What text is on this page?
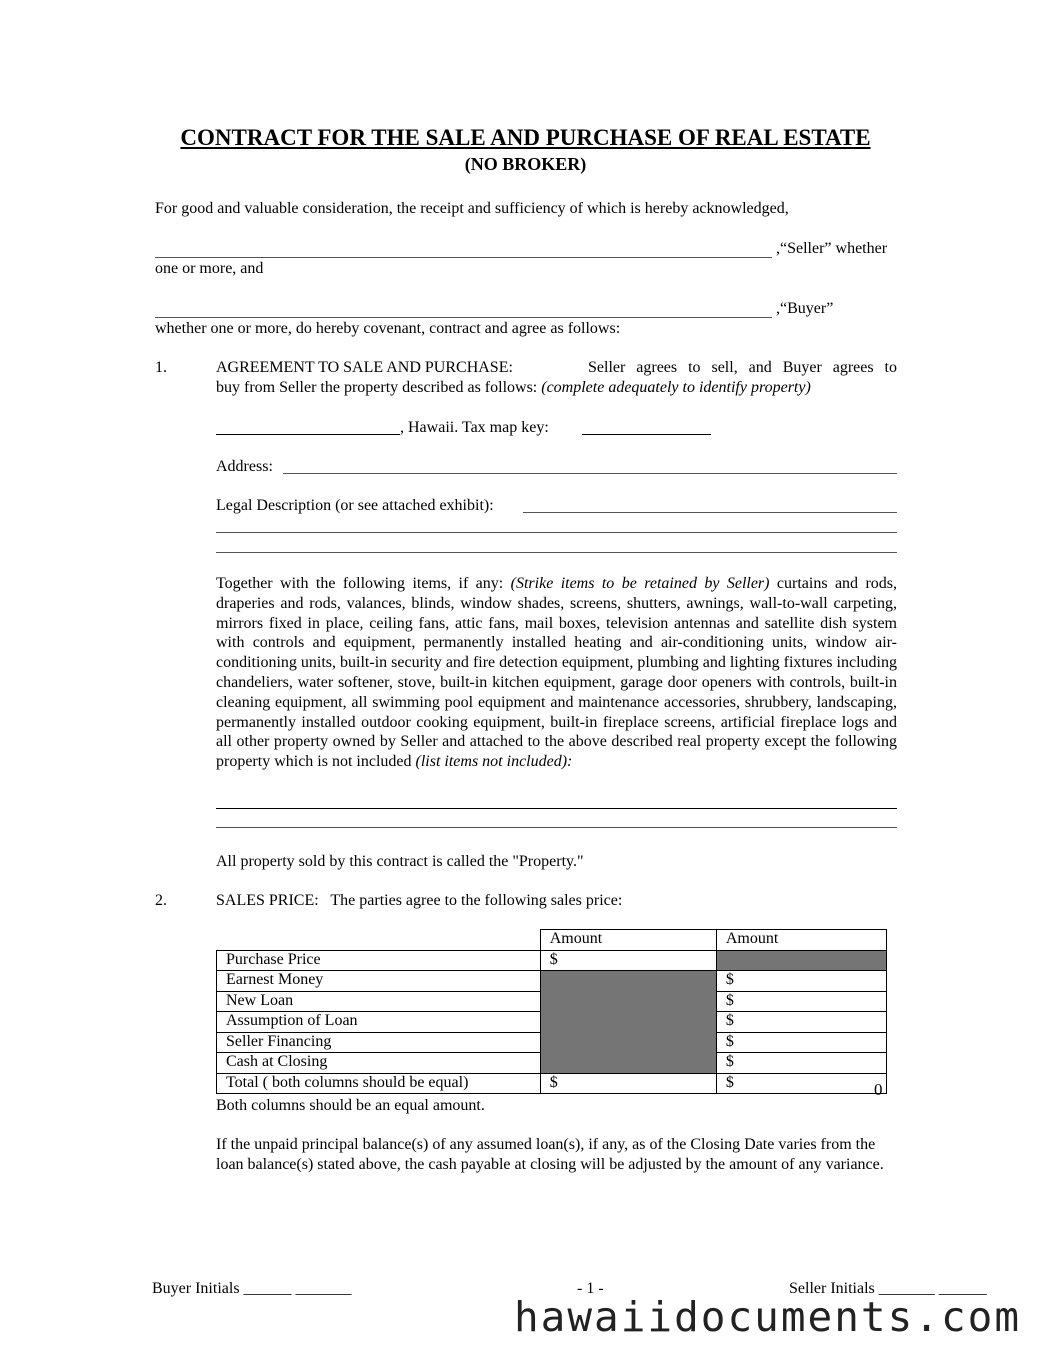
CONTRACT FOR THE SALE AND PURCHASE OF REAL ESTATE
(NO BROKER)
For good and valuable consideration, the receipt and sufficiency of which is hereby acknowledged,
,“Seller” whether
one or more, and
,“Buyer”
whether one or more, do hereby covenant, contract and agree as follows:
1.	AGREEMENT TO SALE AND PURCHASE:	Seller agrees to sell, and Buyer agrees to
buy from Seller the property described as follows: (complete adequately to identify property)
, Hawaii. Tax map key:
Address:
Legal Description (or see attached exhibit):
Together with the following items, if any: (Strike items to be retained by Seller) curtains and rods, draperies and rods, valances, blinds, window shades, screens, shutters, awnings, wall-to-wall carpeting, mirrors fixed in place, ceiling fans, attic fans, mail boxes, television antennas and satellite dish system with controls and equipment, permanently installed heating and air-conditioning units, window air-conditioning units, built-in security and fire detection equipment, plumbing and lighting fixtures including chandeliers, water softener, stove, built-in kitchen equipment, garage door openers with controls, built-in cleaning equipment, all swimming pool equipment and maintenance accessories, shrubbery, landscaping, permanently installed outdoor cooking equipment, built-in fireplace screens, artificial fireplace logs and all other property owned by Seller and attached to the above described real property except the following property which is not included (list items not included):
All property sold by this contract is called the "Property."
2.	SALES PRICE: The parties agree to the following sales price:
	Amount	Amount
Purchase Price	$	
Earnest Money		$
New Loan		$
Assumption of Loan		$
Seller Financing		$
Cash at Closing		$
Total ( both columns should be equal)	$	$	0
Both columns should be an equal amount.
If the unpaid principal balance(s) of any assumed loan(s), if any, as of the Closing Date varies from the loan balance(s) stated above, the cash payable at closing will be adjusted by the amount of any variance.
Buyer Initials ______ _______	- 1 -	Seller Initials _______ ______
hawaiidocuments.com
